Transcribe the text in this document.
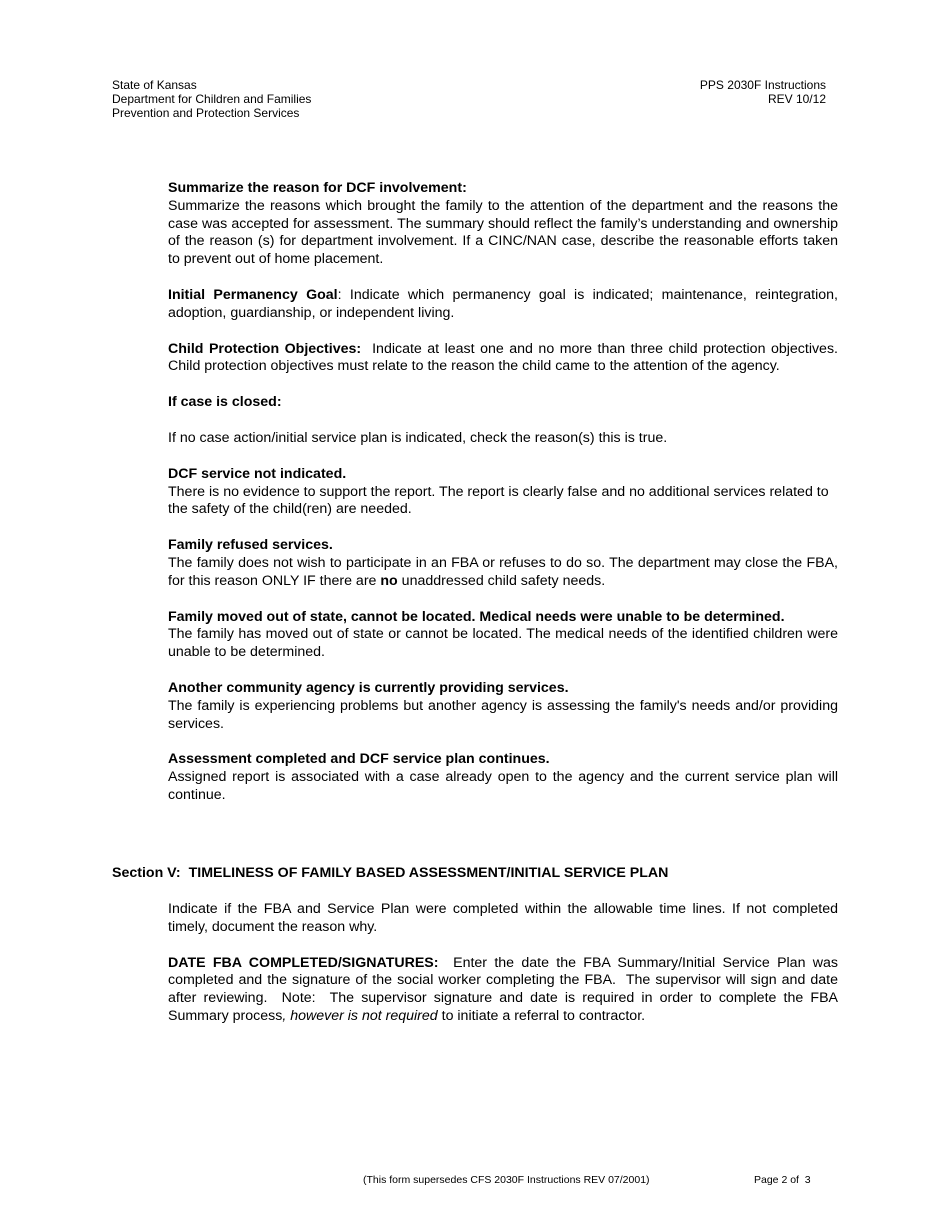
State of Kansas
Department for Children and Families
Prevention and Protection Services
PPS 2030F Instructions
REV 10/12

Summarize the reason for DCF involvement:

Summarize the reasons which brought the family to the attention of the department and the reasons the case was accepted for assessment. The summary should reflect the family’s understanding and ownership of the reason (s) for department involvement. If a CINC/NAN case, describe the reasonable efforts taken to prevent out of home placement.

Initial Permanency Goal: Indicate which permanency goal is indicated; maintenance, reintegration, adoption, guardianship, or independent living.

Child Protection Objectives:  Indicate at least one and no more than three child protection objectives.  Child protection objectives must relate to the reason the child came to the attention of the agency.

If case is closed:

If no case action/initial service plan is indicated, check the reason(s) this is true.

DCF service not indicated.

There is no evidence to support the report. The report is clearly false and no additional services related to

the safety of the child(ren) are needed.

Family refused services.

The family does not wish to participate in an FBA or refuses to do so. The department may close the FBA, for this reason ONLY IF there are no unaddressed child safety needs.

Family moved out of state, cannot be located. Medical needs were unable to be determined.

The family has moved out of state or cannot be located. The medical needs of the identified children were unable to be determined.

Another community agency is currently providing services.

The family is experiencing problems but another agency is assessing the family's needs and/or providing services.

Assessment completed and DCF service plan continues.

Assigned report is associated with a case already open to the agency and the current service plan will continue.

Section V: TIMELINESS OF FAMILY BASED ASSESSMENT/INITIAL SERVICE PLAN

Indicate if the FBA and Service Plan were completed within the allowable time lines. If not completed timely, document the reason why.

DATE FBA COMPLETED/SIGNATURES:  Enter the date the FBA Summary/Initial Service Plan was completed and the signature of the social worker completing the FBA.  The supervisor will sign and date after reviewing.  Note:  The supervisor signature and date is required in order to complete the FBA Summary process, however is not required to initiate a referral to contractor.

(This form supersedes CFS 2030F Instructions REV 07/2001)	Page 2 of  3
